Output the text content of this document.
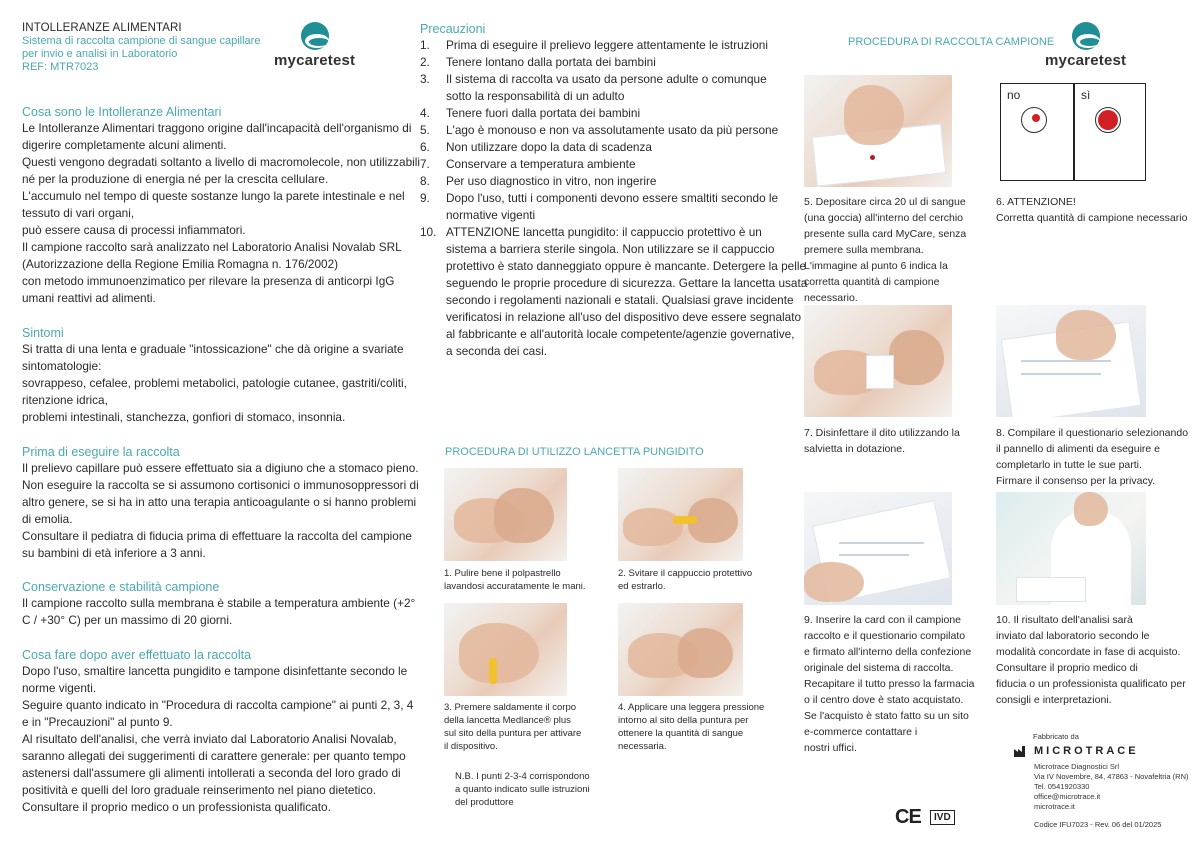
INTOLLERANZE ALIMENTARI
Sistema di raccolta campione di sangue capillare
per invio e analisi in Laboratorio
REF: MTR7023	mycaretest
Cosa sono le Intolleranze Alimentari
Le Intolleranze Alimentari traggono origine dall'incapacità dell'organismo di
digerire completamente alcuni alimenti.
Questi vengono degradati soltanto a livello di macromolecole, non utilizzabili
né per la produzione di energia né per la crescita cellulare.
L'accumulo nel tempo di queste sostanze lungo la parete intestinale e nel
tessuto di vari organi,
può essere causa di processi infiammatori.
Il campione raccolto sarà analizzato nel Laboratorio Analisi Novalab SRL
(Autorizzazione della Regione Emilia Romagna n. 176/2002)
con metodo immunoenzimatico per rilevare la presenza di anticorpi IgG
umani reattivi ad alimenti.
Sintomi
Si tratta di una lenta e graduale "intossicazione" che dà origine a svariate
sintomatologie:
sovrappeso, cefalee, problemi metabolici, patologie cutanee, gastriti/coliti,
ritenzione idrica,
problemi intestinali, stanchezza, gonfiori di stomaco, insonnia.
Prima di eseguire la raccolta
Il prelievo capillare può essere effettuato sia a digiuno che a stomaco pieno.
Non eseguire la raccolta se si assumono cortisonici o immunosoppressori di
altro genere, se si ha in atto una terapia anticoagulante o si hanno problemi
di emolia.
Consultare il pediatra di fiducia prima di effettuare la raccolta del campione
su bambini di età inferiore a 3 anni.
Conservazione e stabilità campione
Il campione raccolto sulla membrana è stabile a temperatura ambiente (+2°
C / +30° C) per un massimo di 20 giorni.
Cosa fare dopo aver effettuato la raccolta
Dopo l'uso, smaltire lancetta pungidito e tampone disinfettante secondo le
norme vigenti.
Seguire quanto indicato in "Procedura di raccolta campione" ai punti 2, 3, 4
e in "Precauzioni" al punto 9.
Al risultato dell'analisi, che verrà inviato dal Laboratorio Analisi Novalab,
saranno allegati dei suggerimenti di carattere generale: per quanto tempo
astenersi dall'assumere gli alimenti intollerati a seconda del loro grado di
positività e quelli del loro graduale reinserimento nel piano dietetico.
Consultare il proprio medico o un professionista qualificato.
Precauzioni
1.	Prima di eseguire il prelievo leggere attentamente le istruzioni
2.	Tenere lontano dalla portata dei bambini
3.	Il sistema di raccolta va usato da persone adulte o comunque
sotto la responsabilità di un adulto
4.	Tenere fuori dalla portata dei bambini
5.	L'ago è monouso e non va assolutamente usato da più persone
6.	Non utilizzare dopo la data di scadenza
7.	Conservare a temperatura ambiente
8.	Per uso diagnostico in vitro, non ingerire
9.	Dopo l'uso, tutti i componenti devono essere smaltiti secondo le
normative vigenti
10. ATTENZIONE lancetta pungidito: il cappuccio protettivo è un
sistema a barriera sterile singola. Non utilizzare se il cappuccio
protettivo è stato danneggiato oppure è mancante. Detergere la pelle
seguendo le proprie procedure di sicurezza. Gettare la lancetta usata
secondo i regolamenti nazionali e statali. Qualsiasi grave incidente
verificatosi in relazione all'uso del dispositivo deve essere segnalato
al fabbricante e all'autorità locale competente/agenzie governative,
a seconda dei casi.
PROCEDURA DI UTILIZZO LANCETTA PUNGIDITO
1. Pulire bene il polpastrello
lavandosi accuratamente le mani.
2. Svitare il cappuccio protettivo
ed estrarlo.
3. Premere saldamente il corpo
della lancetta Medlance® plus
sul sito della puntura per attivare
il dispositivo.
4. Applicare una leggera pressione
intorno al sito della puntura per
ottenere la quantità di sangue
necessaria.
N.B. I punti 2-3-4 corrispondono
a quanto indicato sulle istruzioni
del produttore
PROCEDURA DI RACCOLTA CAMPIONE
mycaretest
no	sì
5. Depositare circa 20 ul di sangue
(una goccia) all'interno del cerchio
presente sulla card MyCare, senza
premere sulla membrana.
L'immagine al punto 6 indica la
corretta quantità di campione
necessario.
6. ATTENZIONE!
Corretta quantità di campione necessario
7. Disinfettare il dito utilizzando la
salvietta in dotazione.
8. Compilare il questionario selezionando
il pannello di alimenti da eseguire e
completarlo in tutte le sue parti.
Firmare il consenso per la privacy.
9. Inserire la card con il campione
raccolto e il questionario compilato
e firmato all'interno della confezione
originale del sistema di raccolta.
Recapitare il tutto presso la farmacia
o il centro dove è stato acquistato.
Se l'acquisto è stato fatto su un sito
e-commerce contattare i
nostri uffici.
10. Il risultato dell'analisi sarà
inviato dal laboratorio secondo le
modalità concordate in fase di acquisto.
Consultare il proprio medico di
fiducia o un professionista qualificato per
consigli e interpretazioni.
Fabbricato da
MICROTRACE
Microtrace Diagnostici Srl
Via IV Novembre, 84, 47863 - Novafeltria (RN)
Tel. 0541920330
office@microtrace.it
microtrace.it
Codice IFU7023 - Rev. 06 del 01/2025
CE	IVD
